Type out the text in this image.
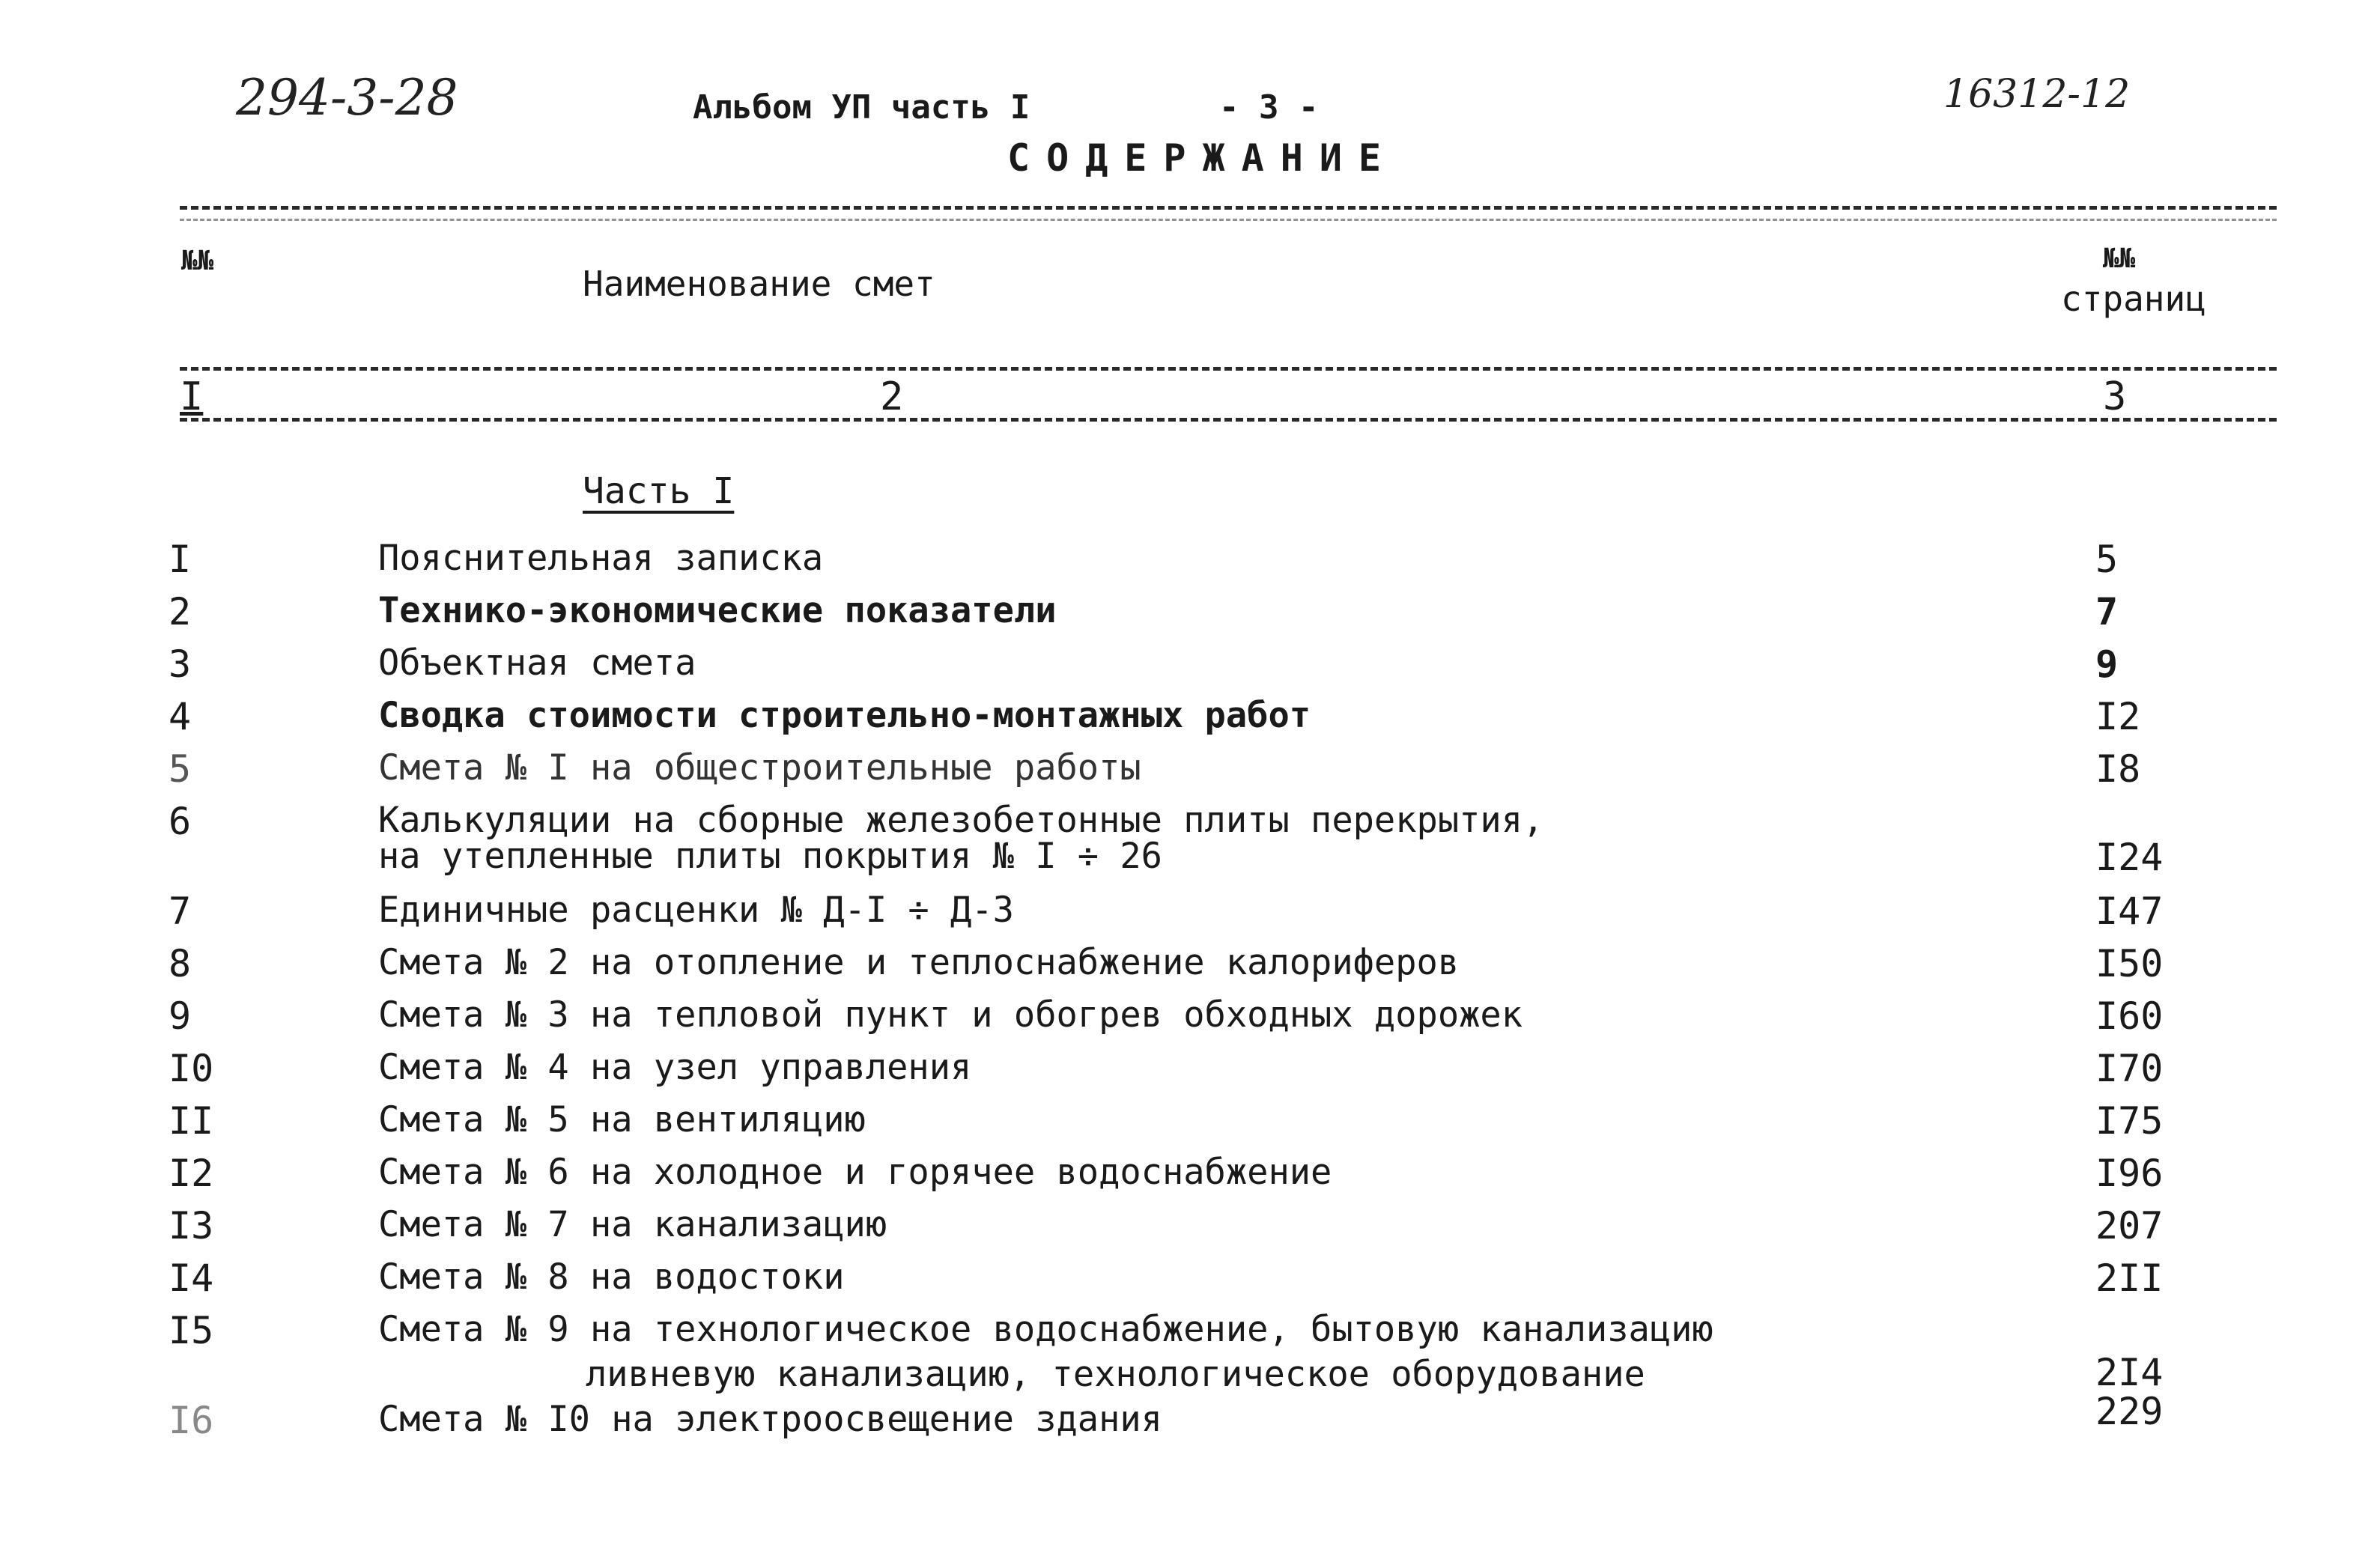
294-3-28	Альбом УП часть I	- 3 -	16312-12
СОДЕРЖАНИЕ
№№
Наименование смет
№№
страниц
I	2	3
Часть I
I	Пояснительная записка	5
2	Технико-экономические показатели	7
3	Объектная смета	9
4	Сводка стоимости строительно-монтажных работ	I2
5	Смета № I на общестроительные работы	I8
6	Калькуляции на сборные железобетонные плиты перекрытия,
на утепленные плиты покрытия № I ÷ 26	I24
7	Единичные расценки № Д-I ÷ Д-3	I47
8	Смета № 2 на отопление и теплоснабжение калориферов	I50
9	Смета № 3 на тепловой пункт и обогрев обходных дорожек	I60
I0	Смета № 4 на узел управления	I70
II	Смета № 5 на вентиляцию	I75
I2	Смета № 6 на холодное и горячее водоснабжение	I96
I3	Смета № 7 на канализацию	207
I4	Смета № 8 на водостоки	2II
I5	Смета № 9 на технологическое водоснабжение, бытовую канализацию
ливневую канализацию, технологическое оборудование	2I4
I6	Смета № I0 на электроосвещение здания	229
